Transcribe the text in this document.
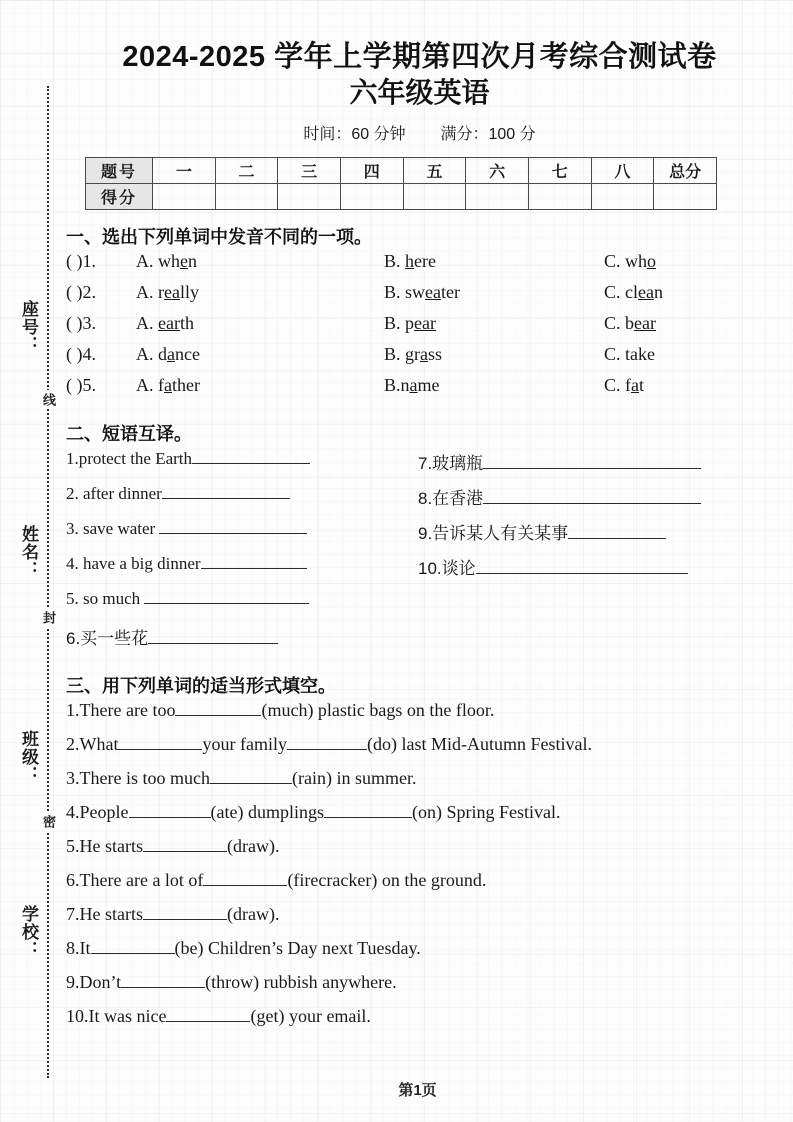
线
封
密
座号：
姓名：
班级：
学校：
2024-2025 学年上学期第四次月考综合测试卷
六年级英语
时间：60 分钟 满分：100 分
题号	一	二	三	四	五	六	七	八	总分
得分									
一、选出下列单词中发音不同的一项。
( )1. A. when	B. here	C. who
( )2. A. really	B. sweater	C. clean
( )3. A. earth	B. pear	C. bear
( )4. A. dance	B. grass	C. take
( )5. A. father	B.name	C. fat
二、短语互译。
1.protect the Earth	7.玻璃瓶
2. after dinner	8.在香港
3. save water	9.告诉某人有关某事
4. have a big dinner	10.谈论
5. so much
6.买一些花
三、用下列单词的适当形式填空。
1.There are too	(much) plastic bags on the floor.
2.What	your family	(do) last Mid-Autumn Festival.
3.There is too much	(rain) in summer.
4.People	(ate) dumplings	(on) Spring Festival.
5.He starts	(draw).
6.There are a lot of	(firecracker) on the ground.
7.He starts	(draw).
8.It	(be) Children’s Day next Tuesday.
9.Don’t	(throw) rubbish anywhere.
10.It was nice	(get) your email.
第1页
